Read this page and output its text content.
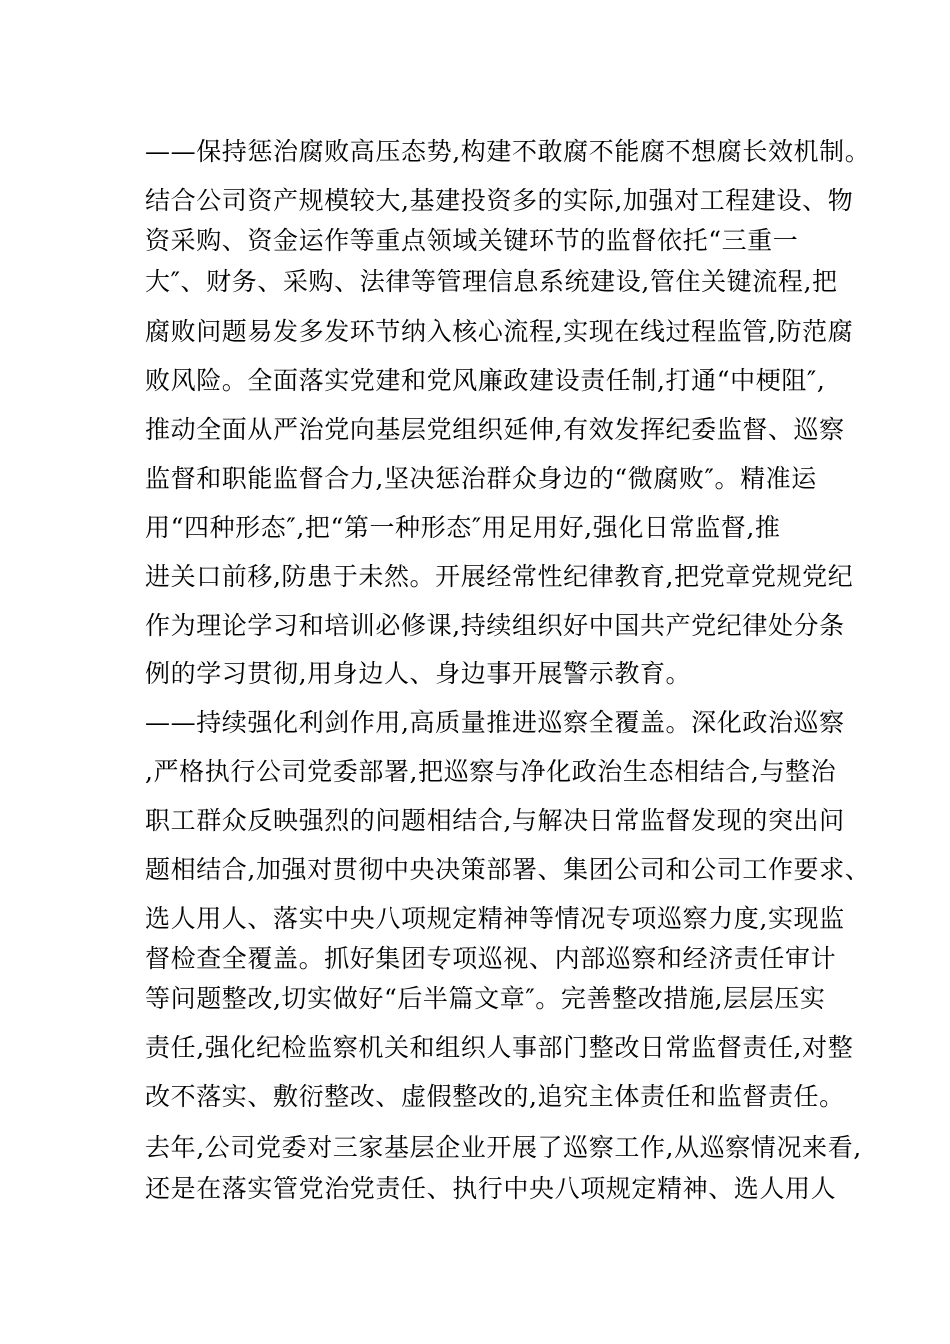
——保持惩治腐败高压态势,构建不敢腐不能腐不想腐长效机制。
结合公司资产规模较大,基建投资多的实际,加强对工程建设、物
资采购、资金运作等重点领域关键环节的监督依托“三重一
大″、财务、采购、法律等管理信息系统建设,管住关键流程,把
腐败问题易发多发环节纳入核心流程,实现在线过程监管,防范腐
败风险。全面落实党建和党风廉政建设责任制,打通“中梗阻″,
推动全面从严治党向基层党组织延伸,有效发挥纪委监督、巡察
监督和职能监督合力,坚决惩治群众身边的“微腐败″。精准运
用“四种形态″,把“第一种形态″用足用好,强化日常监督,推
进关口前移,防患于未然。开展经常性纪律教育,把党章党规党纪
作为理论学习和培训必修课,持续组织好中国共产党纪律处分条
例的学习贯彻,用身边人、身边事开展警示教育。
——持续强化利剑作用,高质量推进巡察全覆盖。深化政治巡察
,严格执行公司党委部署,把巡察与净化政治生态相结合,与整治
职工群众反映强烈的问题相结合,与解决日常监督发现的突出问
题相结合,加强对贯彻中央决策部署、集团公司和公司工作要求、
选人用人、落实中央八项规定精神等情况专项巡察力度,实现监
督检查全覆盖。抓好集团专项巡视、内部巡察和经济责任审计
等问题整改,切实做好“后半篇文章″。完善整改措施,层层压实
责任,强化纪检监察机关和组织人事部门整改日常监督责任,对整
改不落实、敷衍整改、虚假整改的,追究主体责任和监督责任。
去年,公司党委对三家基层企业开展了巡察工作,从巡察情况来看,
还是在落实管党治党责任、执行中央八项规定精神、选人用人
